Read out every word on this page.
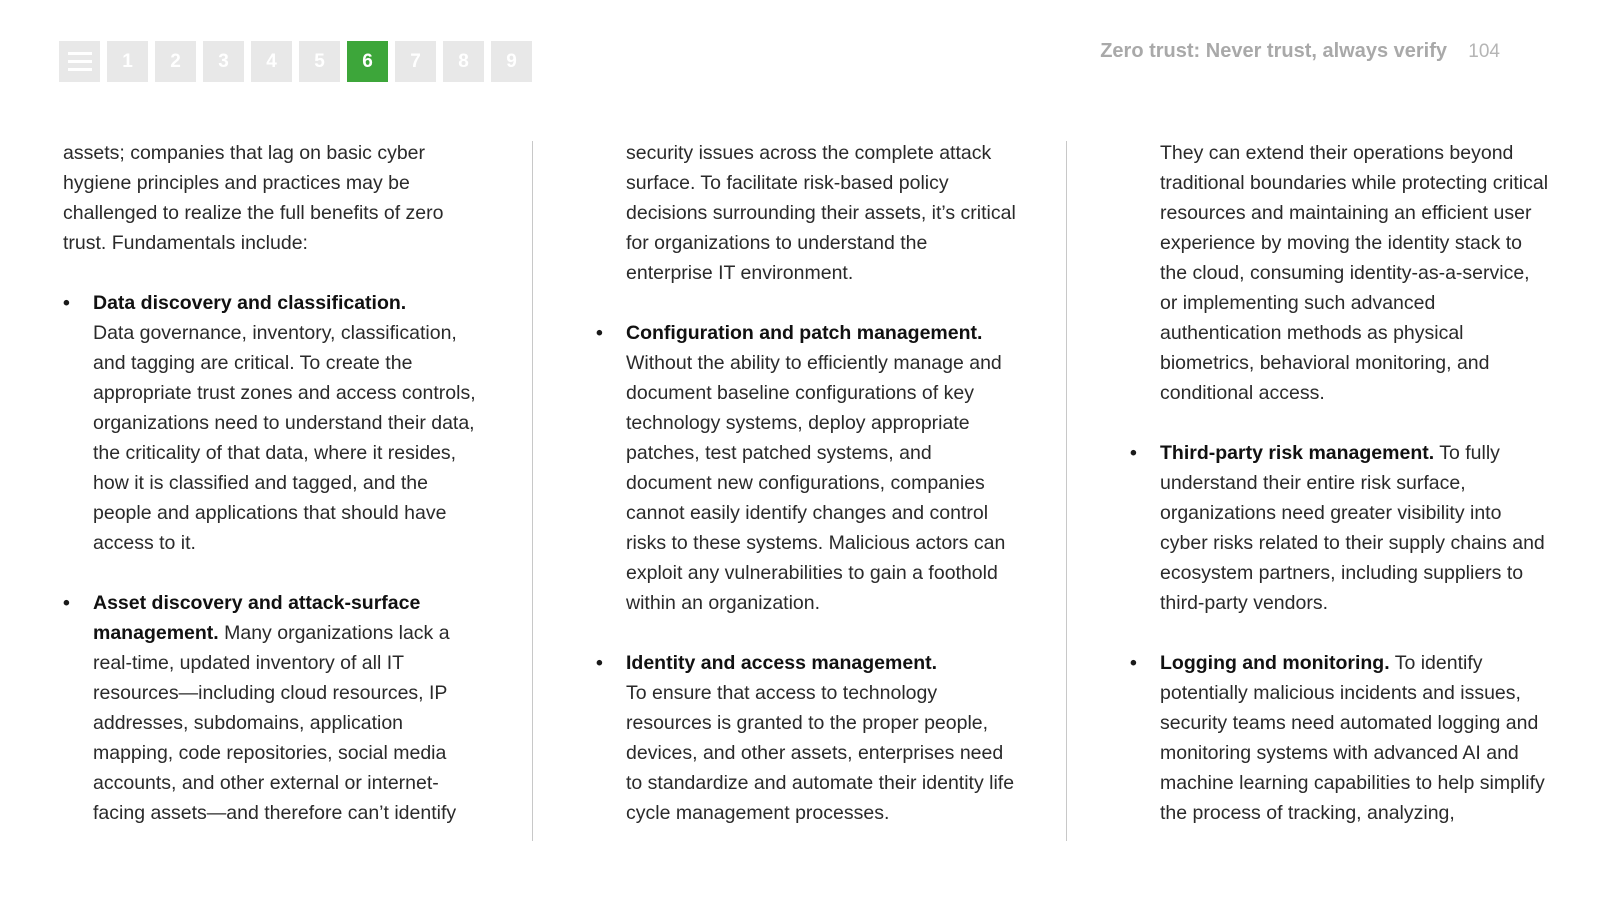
1	2	3	4	5	6	7	8	9	Zero trust: Never trust, always verify 104

assets; companies that lag on basic cyber hygiene principles and practices may be challenged to realize the full benefits of zero trust. Fundamentals include:

• Data discovery and classification.
Data governance, inventory, classification, and tagging are critical. To create the appropriate trust zones and access controls, organizations need to understand their data, the criticality of that data, where it resides, how it is classified and tagged, and the people and applications that should have access to it.
• Asset discovery and attack-surface management. Many organizations lack a real-time, updated inventory of all IT resources—including cloud resources, IP addresses, subdomains, application mapping, code repositories, social media accounts, and other external or internet-facing assets—and therefore can’t identify

security issues across the complete attack surface. To facilitate risk-based policy decisions surrounding their assets, it’s critical for organizations to understand the enterprise IT environment.

• Configuration and patch management.
Without the ability to efficiently manage and document baseline configurations of key technology systems, deploy appropriate patches, test patched systems, and document new configurations, companies cannot easily identify changes and control risks to these systems. Malicious actors can exploit any vulnerabilities to gain a foothold within an organization.
• Identity and access management.
To ensure that access to technology resources is granted to the proper people, devices, and other assets, enterprises need to standardize and automate their identity life cycle management processes.

They can extend their operations beyond traditional boundaries while protecting critical resources and maintaining an efficient user experience by moving the identity stack to the cloud, consuming identity-as-a-service, or implementing such advanced authentication methods as physical biometrics, behavioral monitoring, and conditional access.

• Third-party risk management. To fully understand their entire risk surface, organizations need greater visibility into cyber risks related to their supply chains and ecosystem partners, including suppliers to third-party vendors.
• Logging and monitoring. To identify potentially malicious incidents and issues, security teams need automated logging and monitoring systems with advanced AI and machine learning capabilities to help simplify the process of tracking, analyzing,
